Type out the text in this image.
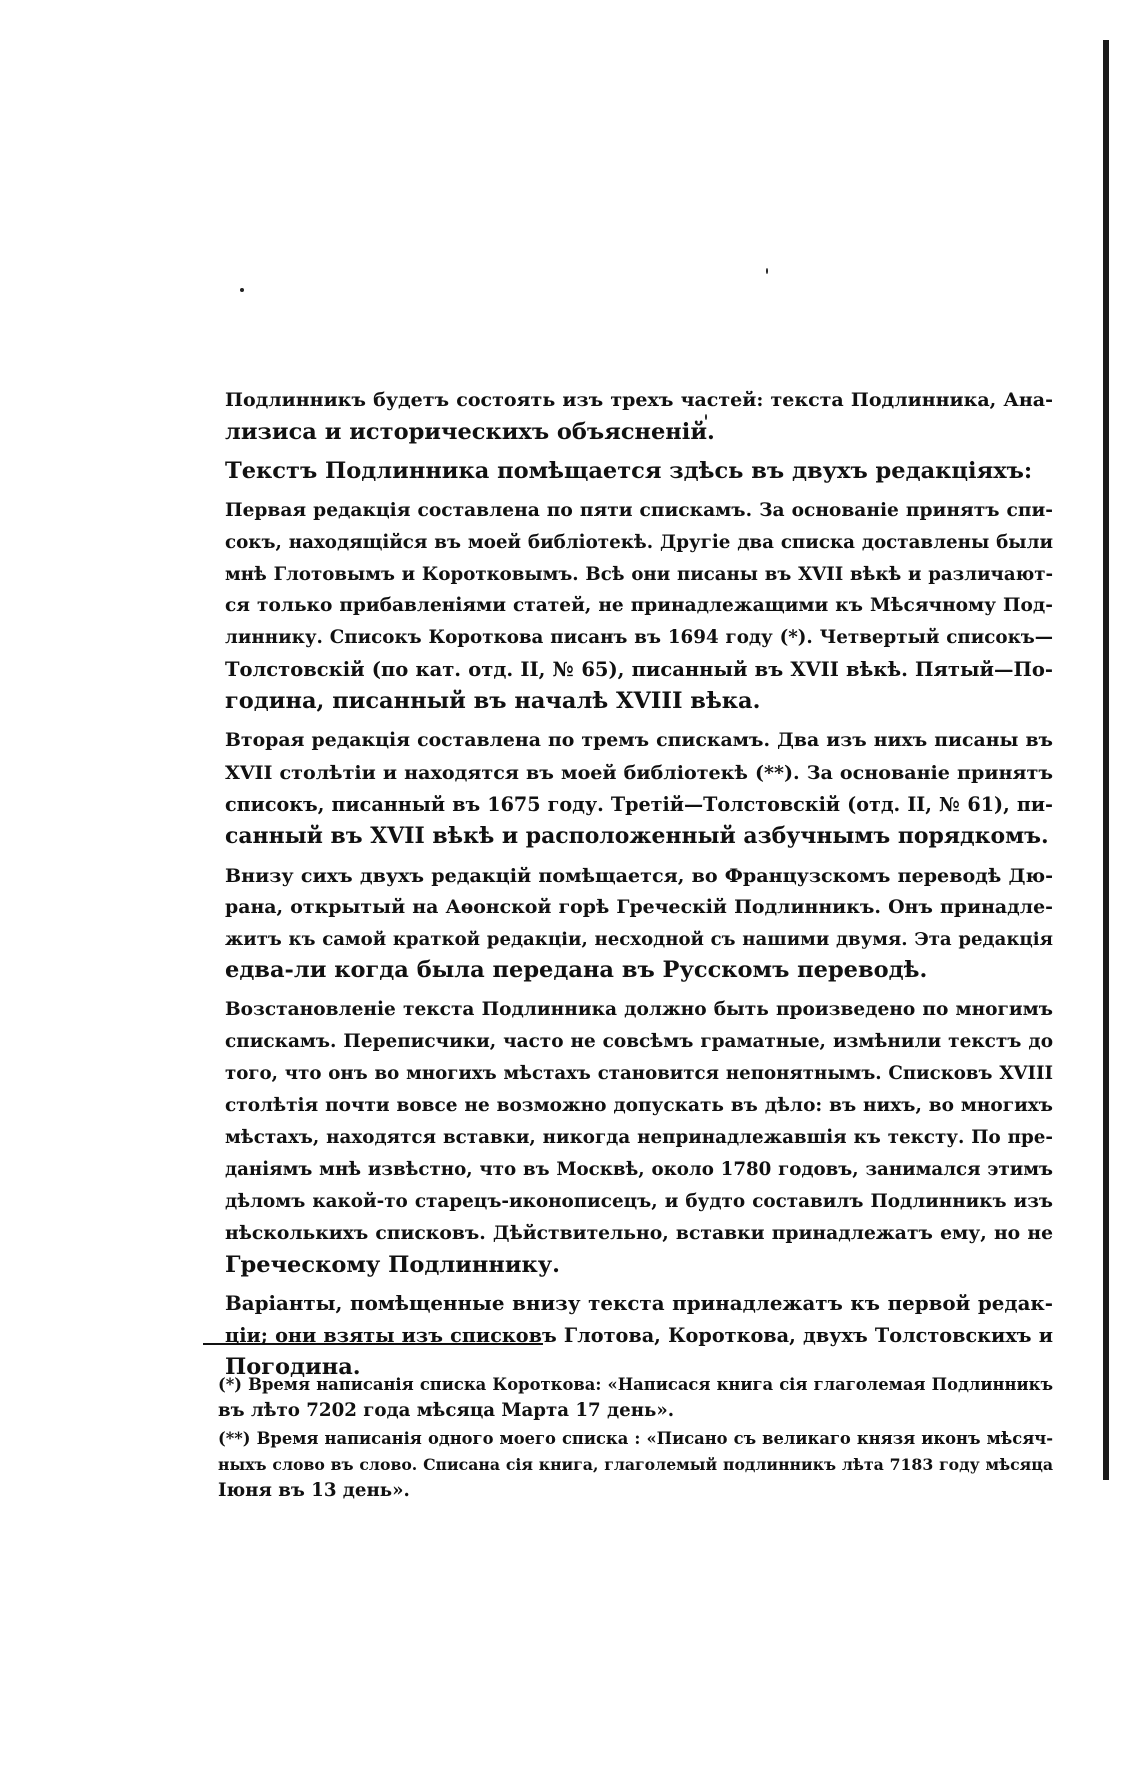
Подлинникъ будетъ состоять изъ трехъ частей: текста Подлинника, Ана-
лизиса и историческихъ объясненій.

Текстъ Подлинника помѣщается здѣсь въ двухъ редакціяхъ:

Первая редакція составлена по пяти спискамъ. За основаніе принятъ спи-
сокъ, находящійся въ моей библіотекѣ. Другіе два списка доставлены были
мнѣ Глотовымъ и Коротковымъ. Всѣ они писаны въ XVII вѣкѣ и различают-
ся только прибавленіями статей, не принадлежащими къ Мѣсячному Под-
линнику. Списокъ Короткова писанъ въ 1694 году (*). Четвертый списокъ—
Толстовскій (по кат. отд. II, № 65), писанный въ XVII вѣкѣ. Пятый—По-
година, писанный въ началѣ XVIII вѣка.

Вторая редакція составлена по тремъ спискамъ. Два изъ нихъ писаны въ
XVII столѣтіи и находятся въ моей библіотекѣ (**). За основаніе принятъ
списокъ, писанный въ 1675 году. Третій—Толстовскій (отд. II, № 61), пи-
санный въ XVII вѣкѣ и расположенный азбучнымъ порядкомъ.

Внизу сихъ двухъ редакцій помѣщается, во Французскомъ переводѣ Дю-
рана, открытый на Аѳонской горѣ Греческій Подлинникъ. Онъ принадле-
житъ къ самой краткой редакціи, несходной съ нашими двумя. Эта редакція
едва-ли когда была передана въ Русскомъ переводѣ.

Возстановленіе текста Подлинника должно быть произведено по многимъ
спискамъ. Переписчики, часто не совсѣмъ граматные, измѣнили текстъ до
того, что онъ во многихъ мѣстахъ становится непонятнымъ. Списковъ XVIII
столѣтія почти вовсе не возможно допускать въ дѣло: въ нихъ, во многихъ
мѣстахъ, находятся вставки, никогда непринадлежавшія къ тексту. По пре-
даніямъ мнѣ извѣстно, что въ Москвѣ, около 1780 годовъ, занимался этимъ
дѣломъ какой-то старецъ-иконописецъ, и будто составилъ Подлинникъ изъ
нѣсколькихъ списковъ. Дѣйствительно, вставки принадлежатъ ему, но не
Греческому Подлиннику.

Варіанты, помѣщенные внизу текста принадлежатъ къ первой редак-
ціи; они взяты изъ списковъ Глотова, Короткова, двухъ Толстовскихъ и
Погодина.

(*) Время написанія списка Короткова: «Написася книга сія глаголемая Подлинникъ
въ лѣто 7202 года мѣсяца Марта 17 день».
(**) Время написанія одного моего списка : «Писано съ великаго князя иконъ мѣсяч-
ныхъ слово въ слово. Списана сія книга, глаголемый подлинникъ лѣта 7183 году мѣсяца
Іюня въ 13 день».
